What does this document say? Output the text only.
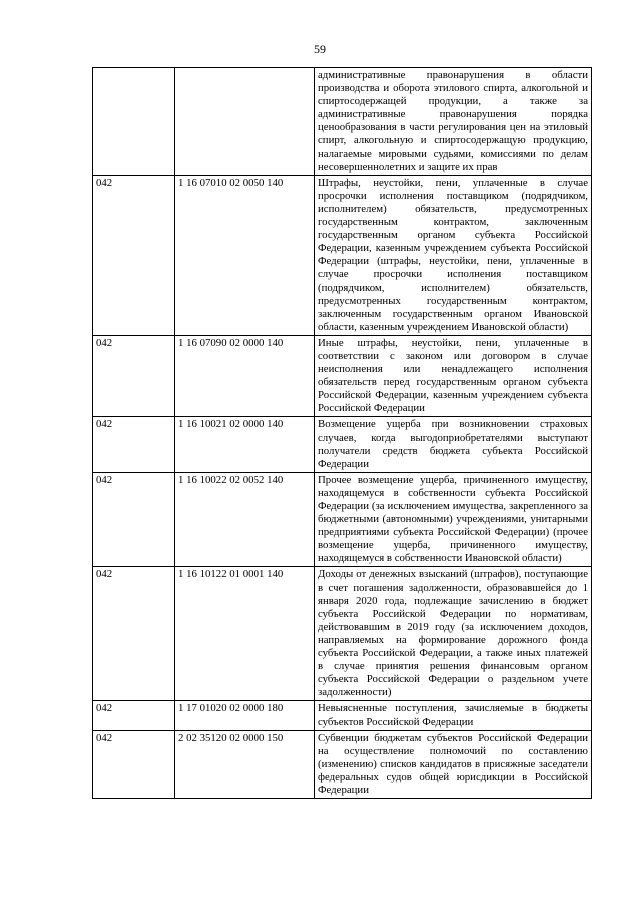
59
		административные правонарушения в области производства и оборота этилового спирта, алкогольной и спиртосодержащей продукции, а также за административные правонарушения порядка ценообразования в части регулирования цен на этиловый спирт, алкогольную и спиртосодержащую продукцию, налагаемые мировыми судьями, комиссиями по делам несовершеннолетних и защите их прав
042	1 16 07010 02 0050 140	Штрафы, неустойки, пени, уплаченные в случае просрочки исполнения поставщиком (подрядчиком, исполнителем) обязательств, предусмотренных государственным контрактом, заключенным государственным органом субъекта Российской Федерации, казенным учреждением субъекта Российской Федерации (штрафы, неустойки, пени, уплаченные в случае просрочки исполнения поставщиком (подрядчиком, исполнителем) обязательств, предусмотренных государственным контрактом, заключенным государственным органом Ивановской области, казенным учреждением Ивановской области)
042	1 16 07090 02 0000 140	Иные штрафы, неустойки, пени, уплаченные в соответствии с законом или договором в случае неисполнения или ненадлежащего исполнения обязательств перед государственным органом субъекта Российской Федерации, казенным учреждением субъекта Российской Федерации
042	1 16 10021 02 0000 140	Возмещение ущерба при возникновении страховых случаев, когда выгодоприобретателями выступают получатели средств бюджета субъекта Российской Федерации
042	1 16 10022 02 0052 140	Прочее возмещение ущерба, причиненного имуществу, находящемуся в собственности субъекта Российской Федерации (за исключением имущества, закрепленного за бюджетными (автономными) учреждениями, унитарными предприятиями субъекта Российской Федерации) (прочее возмещение ущерба, причиненного имуществу, находящемуся в собственности Ивановской области)
042	1 16 10122 01 0001 140	Доходы от денежных взысканий (штрафов), поступающие в счет погашения задолженности, образовавшейся до 1 января 2020 года, подлежащие зачислению в бюджет субъекта Российской Федерации по нормативам, действовавшим в 2019 году (за исключением доходов, направляемых на формирование дорожного фонда субъекта Российской Федерации, а также иных платежей в случае принятия решения финансовым органом субъекта Российской Федерации о раздельном учете задолженности)
042	1 17 01020 02 0000 180	Невыясненные поступления, зачисляемые в бюджеты субъектов Российской Федерации
042	2 02 35120 02 0000 150	Субвенции бюджетам субъектов Российской Федерации на осуществление полномочий по составлению (изменению) списков кандидатов в присяжные заседатели федеральных судов общей юрисдикции в Российской Федерации
